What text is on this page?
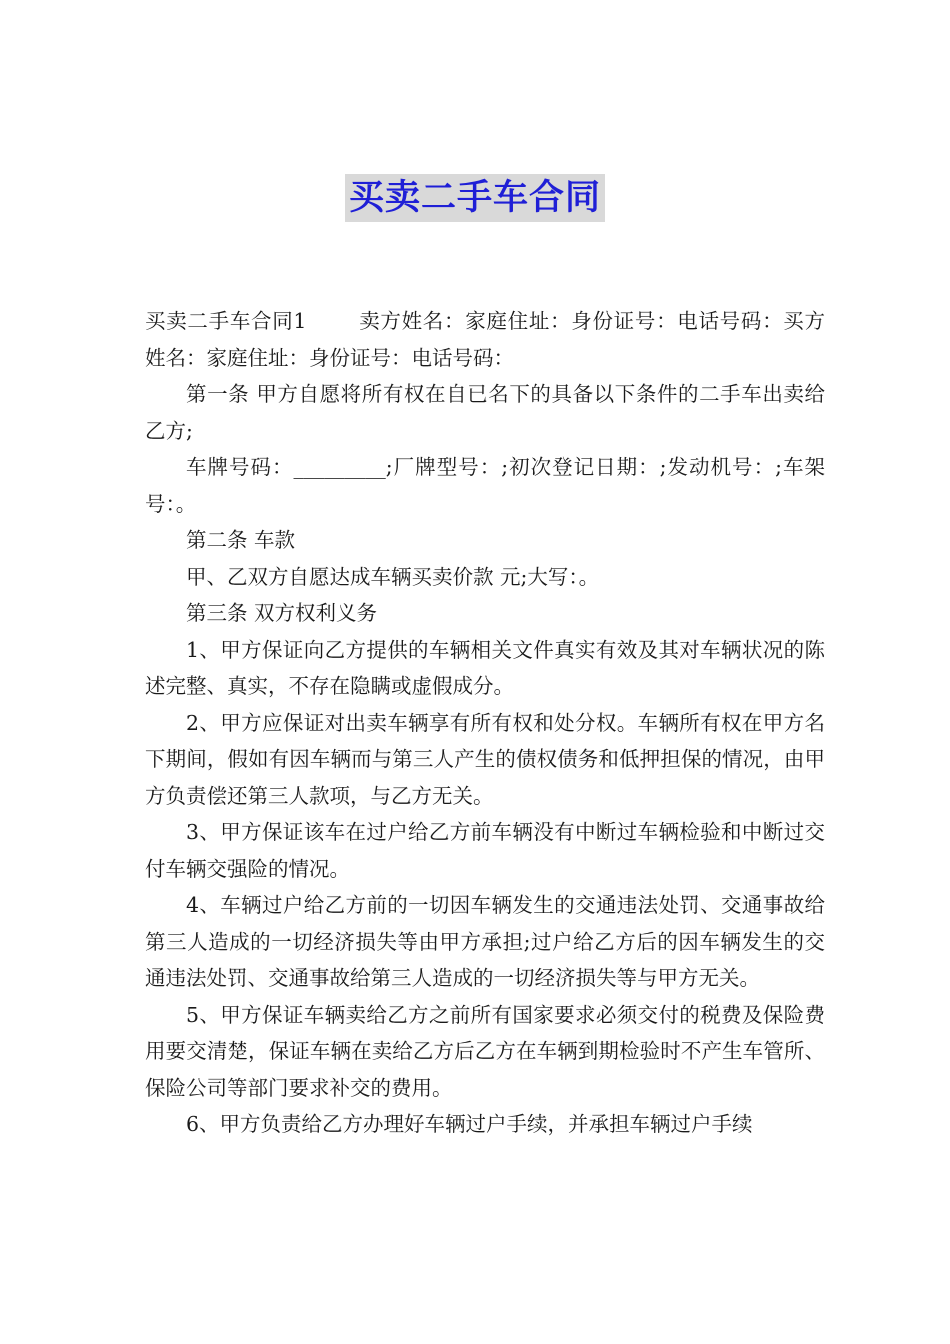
买卖二手车合同

买卖二手车合同1	卖方姓名：家庭住址：身份证号：电话号码：买方姓名：家庭住址：身份证号：电话号码：

第一条 甲方自愿将所有权在自已名下的具备以下条件的二手车出卖给乙方;

车牌号码：_________;厂牌型号：;初次登记日期：;发动机号：;车架号：。

第二条 车款

甲、乙双方自愿达成车辆买卖价款 元;大写：。

第三条 双方权利义务

1、甲方保证向乙方提供的车辆相关文件真实有效及其对车辆状况的陈述完整、真实，不存在隐瞒或虚假成分。

2、甲方应保证对出卖车辆享有所有权和处分权。车辆所有权在甲方名下期间，假如有因车辆而与第三人产生的债权债务和低押担保的情况，由甲方负责偿还第三人款项，与乙方无关。

3、甲方保证该车在过户给乙方前车辆没有中断过车辆检验和中断过交付车辆交强险的情况。

4、车辆过户给乙方前的一切因车辆发生的交通违法处罚、交通事故给第三人造成的一切经济损失等由甲方承担;过户给乙方后的因车辆发生的交通违法处罚、交通事故给第三人造成的一切经济损失等与甲方无关。

5、甲方保证车辆卖给乙方之前所有国家要求必须交付的税费及保险费用要交清楚，保证车辆在卖给乙方后乙方在车辆到期检验时不产生车管所、保险公司等部门要求补交的费用。

6、甲方负责给乙方办理好车辆过户手续，并承担车辆过户手续
